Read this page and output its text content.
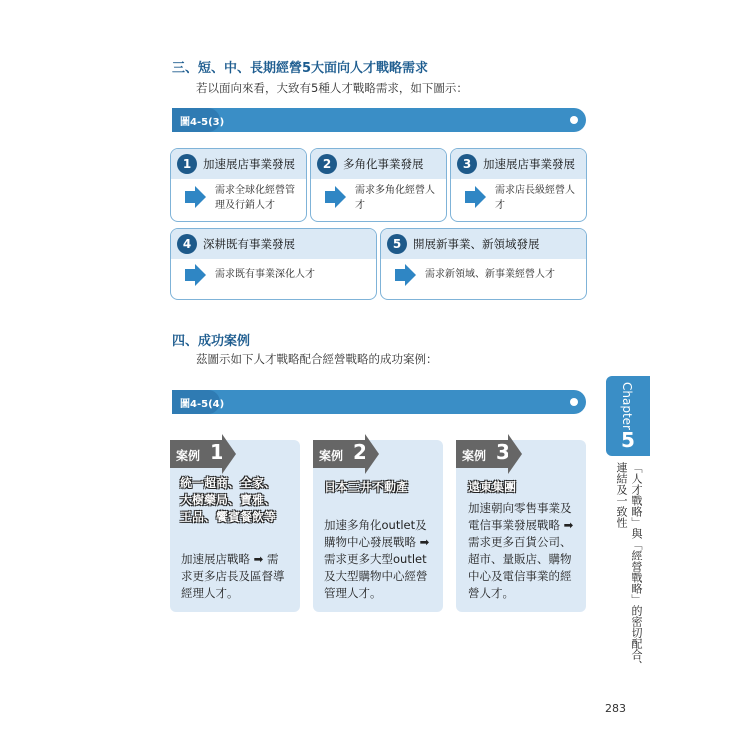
三、短、中、長期經營5大面向人才戰略需求
若以面向來看，大致有5種人才戰略需求，如下圖示：
圖4-5(3)
1	加速展店事業發展
需求全球化經營管
理及行銷人才
2	多角化事業發展
需求多角化經營人
才
3	加速展店事業發展
需求店長級經營人
才
4	深耕既有事業發展
需求既有事業深化人才
5	開展新事業、新領域發展
需求新領域、新事業經營人才
四、成功案例
茲圖示如下人才戰略配合經營戰略的成功案例：
圖4-5(4)
案例 1	案例 2	案例 3
統一超商、全家、
大樹藥局、寶雅、
王品、饗賓餐飲等
加速展店戰略 ➡ 需
求更多店長及區督導
經理人才。
日本三井不動產
加速多角化outlet及
購物中心發展戰略 ➡
需求更多大型outlet
及大型購物中心經營
管理人才。
遠東集團
加速朝向零售事業及
電信事業發展戰略 ➡
需求更多百貨公司、
超市、量販店、購物
中心及電信事業的經
營人才。
Chapter
5
「人才戰略」與「經營戰略」的密切配合、
連結及一致性
283
